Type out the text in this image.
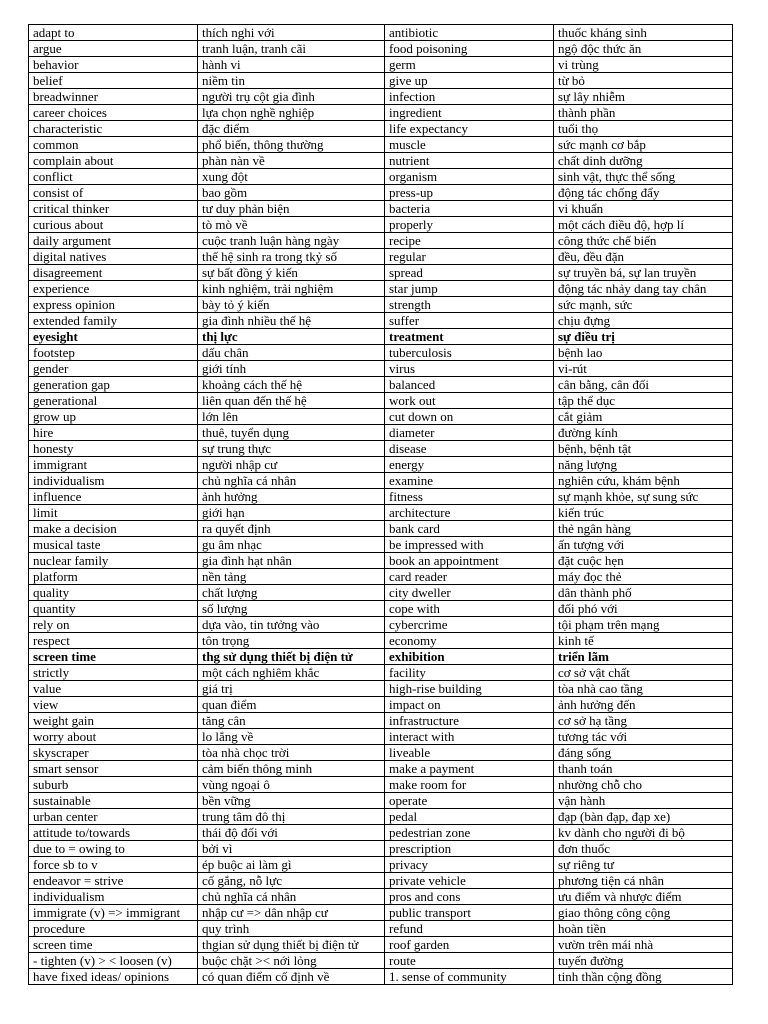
adapt to	thích nghi với	antibiotic	thuốc kháng sinh
argue	tranh luận, tranh cãi	food poisoning	ngộ độc thức ăn
behavior	hành vi	germ	vi trùng
belief	niềm tin	give up	từ bỏ
breadwinner	người trụ cột gia đình	infection	sự lây nhiễm
career choices	lựa chọn nghề nghiệp	ingredient	thành phần
characteristic	đặc điểm	life expectancy	tuổi thọ
common	phổ biến, thông thường	muscle	sức mạnh cơ bắp
complain about	phàn nàn về	nutrient	chất dinh dưỡng
conflict	xung đột	organism	sinh vật, thực thể sống
consist of	bao gồm	press-up	động tác chống đẩy
critical thinker	tư duy phản biện	bacteria	vi khuẩn
curious about	tò mò về	properly	một cách điều độ, hợp lí
daily argument	cuộc tranh luận hàng ngày	recipe	công thức chế biến
digital natives	thế hệ sinh ra trong tkỷ số	regular	đều, đều đặn
disagreement	sự bất đồng ý kiến	spread	sự truyền bá, sự lan truyền
experience	kinh nghiệm, trải nghiệm	star jump	động tác nhảy dang tay chân
express opinion	bày tỏ ý kiến	strength	sức mạnh, sức
extended family	gia đình nhiều thế hệ	suffer	chịu đựng
eyesight	thị lực	treatment	sự điều trị
footstep	dấu chân	tuberculosis	bệnh lao
gender	giới tính	virus	vi-rút
generation gap	khoảng cách thế hệ	balanced	cân bằng, cân đối
generational	liên quan đến thế hệ	work out	tập thể dục
grow up	lớn lên	cut down on	cắt giảm
hire	thuê, tuyển dụng	diameter	đường kính
honesty	sự trung thực	disease	bệnh, bệnh tật
immigrant	người nhập cư	energy	năng lượng
individualism	chủ nghĩa cá nhân	examine	nghiên cứu, khám bệnh
influence	ảnh hưởng	fitness	sự mạnh khỏe, sự sung sức
limit	giới hạn	architecture	kiến trúc
make a decision	ra quyết định	bank card	thẻ ngân hàng
musical taste	gu âm nhạc	be impressed with	ấn tượng với
nuclear family	gia đình hạt nhân	book an appointment	đặt cuộc hẹn
platform	nền tảng	card reader	máy đọc thẻ
quality	chất lượng	city dweller	dân thành phố
quantity	số lượng	cope with	đối phó với
rely on	dựa vào, tin tưởng vào	cybercrime	tội phạm trên mạng
respect	tôn trọng	economy	kinh tế
screen time	thg sử dụng thiết bị điện tử	exhibition	triển lãm
strictly	một cách nghiêm khắc	facility	cơ sở vật chất
value	giá trị	high-rise building	tòa nhà cao tầng
view	quan điểm	impact on	ảnh hưởng đến
weight gain	tăng cân	infrastructure	cơ sở hạ tầng
worry about	lo lắng về	interact with	tương tác với
skyscraper	tòa nhà chọc trời	liveable	đáng sống
smart sensor	cảm biến thông minh	make a payment	thanh toán
suburb	vùng ngoại ô	make room for	nhường chỗ cho
sustainable	bền vững	operate	vận hành
urban center	trung tâm đô thị	pedal	đạp (bàn đạp, đạp xe)
attitude to/towards	thái độ đối với	pedestrian zone	kv dành cho người đi bộ
due to = owing to	bởi vì	prescription	đơn thuốc
force sb to v	ép buộc ai làm gì	privacy	sự riêng tư
endeavor = strive	cố gắng, nỗ lực	private vehicle	phương tiện cá nhân
individualism	chủ nghĩa cá nhân	pros and cons	ưu điểm và nhược điểm
immigrate (v) => immigrant	nhập cư => dân nhập cư	public transport	giao thông công cộng
procedure	quy trình	refund	hoàn tiền
screen time	thgian sử dụng thiết bị điện tử	roof garden	vườn trên mái nhà
- tighten (v) > < loosen (v)	buộc chặt >< nới lỏng	route	tuyến đường
have fixed ideas/ opinions	có quan điểm cố định về	1. sense of community	tinh thần cộng đồng
